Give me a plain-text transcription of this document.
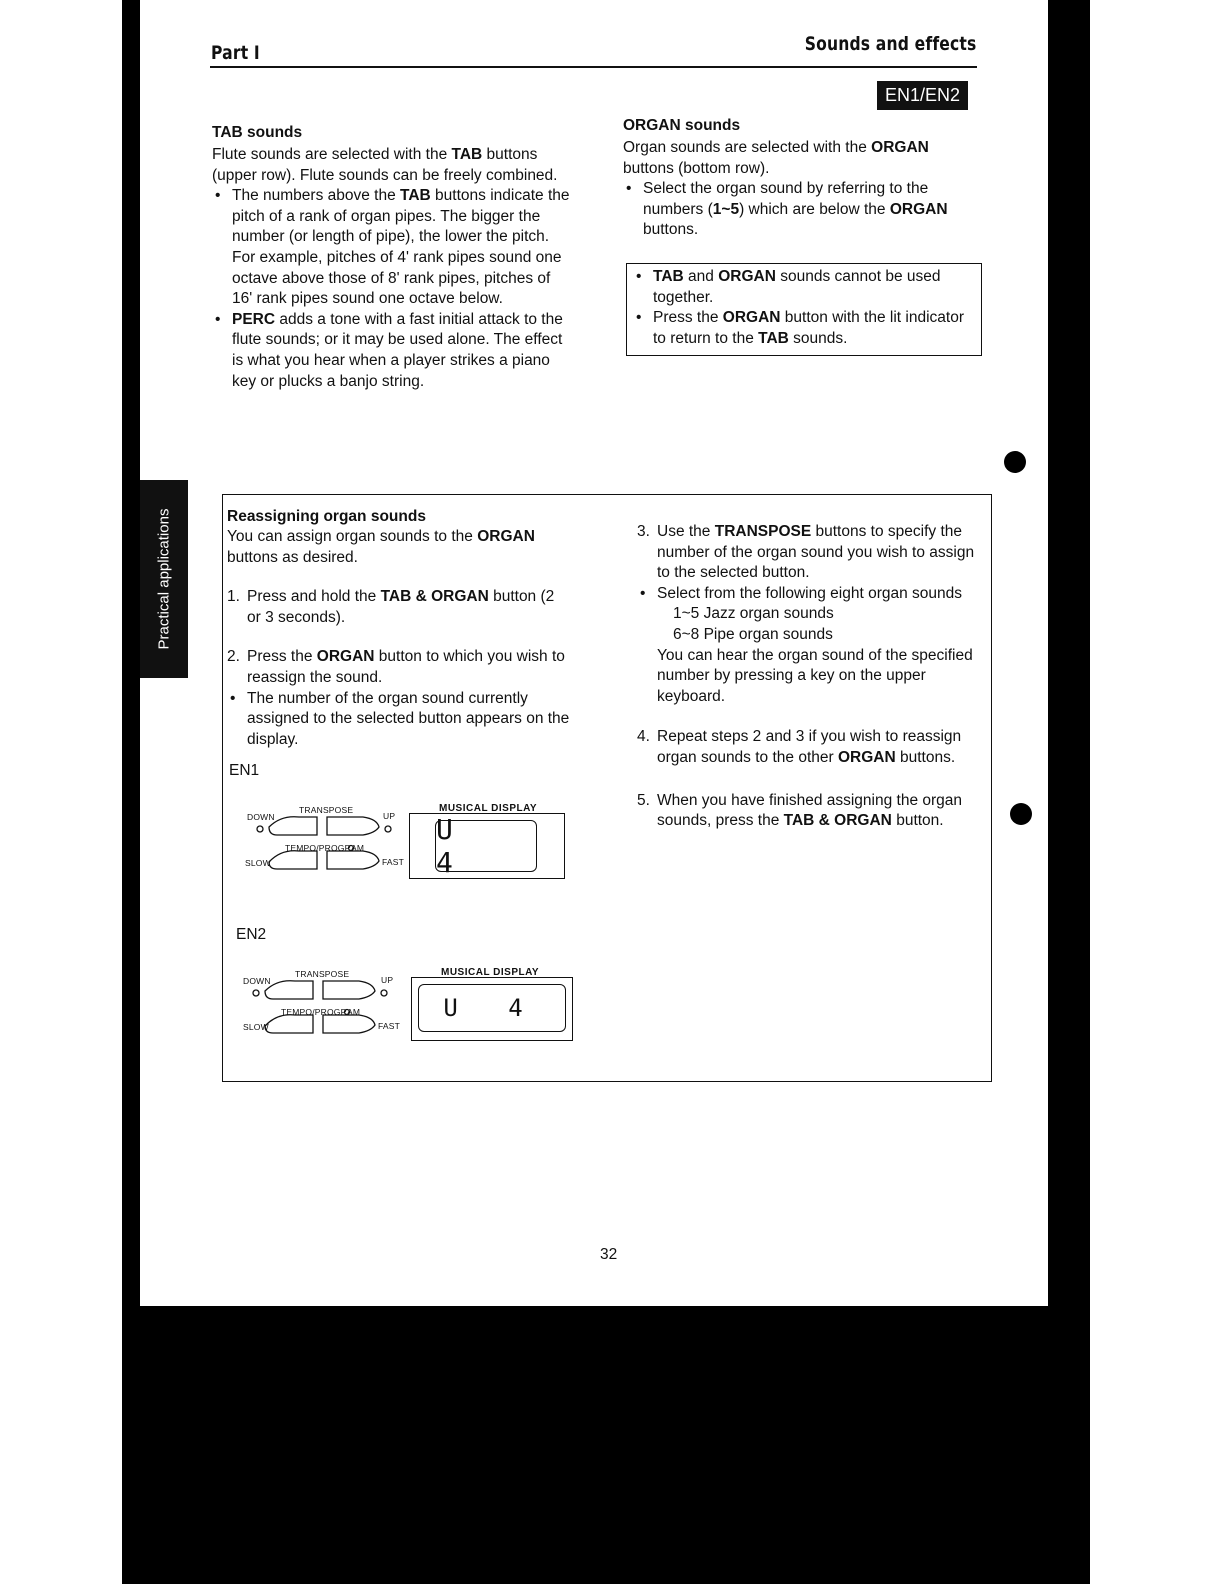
Part I	Sounds and effects
EN1/EN2
Practical applications
TAB sounds
Flute sounds are selected with the TAB buttons (upper row). Flute sounds can be freely combined.
• The numbers above the TAB buttons indicate the pitch of a rank of organ pipes. The bigger the number (or length of pipe), the lower the pitch. For example, pitches of 4' rank pipes sound one octave above those of 8' rank pipes, pitches of 16' rank pipes sound one octave below.
• PERC adds a tone with a fast initial attack to the flute sounds; or it may be used alone. The effect is what you hear when a player strikes a piano key or plucks a banjo string.
ORGAN sounds
Organ sounds are selected with the ORGAN buttons (bottom row).
• Select the organ sound by referring to the numbers (1~5) which are below the ORGAN buttons.
• TAB and ORGAN sounds cannot be used together.
• Press the ORGAN button with the lit indicator to return to the TAB sounds.
Reassigning organ sounds
You can assign organ sounds to the ORGAN buttons as desired.
1. Press and hold the TAB & ORGAN button (2 or 3 seconds).
2. Press the ORGAN button to which you wish to reassign the sound.
• The number of the organ sound currently assigned to the selected button appears on the display.
EN1
DOWN
TRANSPOSE
UP
TEMPO/PROGRAM
SLOW	FAST
MUSICAL DISPLAY
U 4
EN2
DOWN
TRANSPOSE
UP
TEMPO/PROGRAM
SLOW	FAST
MUSICAL DISPLAY
U 4
3. Use the TRANSPOSE buttons to specify the number of the organ sound you wish to assign to the selected button.
• Select from the following eight organ sounds
1~5 Jazz organ sounds
6~8 Pipe organ sounds
You can hear the organ sound of the specified number by pressing a key on the upper keyboard.
4. Repeat steps 2 and 3 if you wish to reassign organ sounds to the other ORGAN buttons.
5. When you have finished assigning the organ sounds, press the TAB & ORGAN button.
32
